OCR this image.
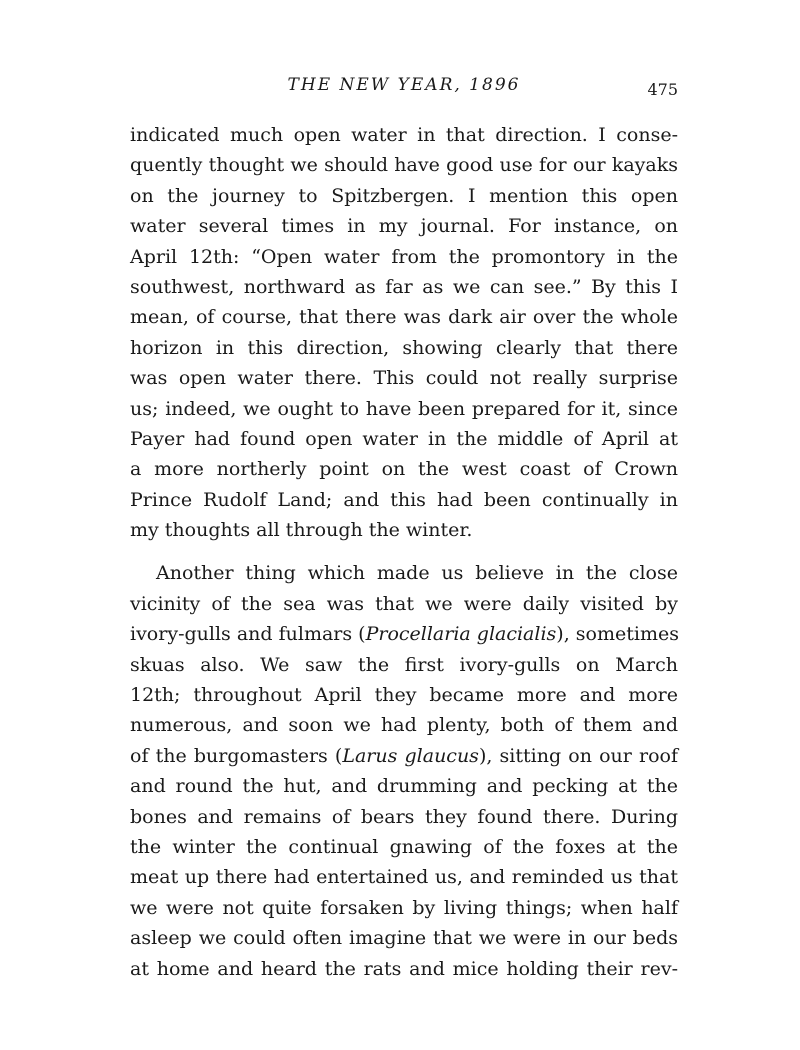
THE NEW YEAR, 1896	475
indicated much open water in that direction. I conse-
quently thought we should have good use for our kayaks
on the journey to Spitzbergen. I mention this open
water several times in my journal. For instance, on
April 12th: “Open water from the promontory in the
southwest, northward as far as we can see.” By this I
mean, of course, that there was dark air over the whole
horizon in this direction, showing clearly that there
was open water there. This could not really surprise
us; indeed, we ought to have been prepared for it, since
Payer had found open water in the middle of April at
a more northerly point on the west coast of Crown
Prince Rudolf Land; and this had been continually in
my thoughts all through the winter.
Another thing which made us believe in the close
vicinity of the sea was that we were daily visited by
ivory-gulls and fulmars (Procellaria glacialis), sometimes
skuas also. We saw the first ivory-gulls on March
12th; throughout April they became more and more
numerous, and soon we had plenty, both of them and
of the burgomasters (Larus glaucus), sitting on our roof
and round the hut, and drumming and pecking at the
bones and remains of bears they found there. During
the winter the continual gnawing of the foxes at the
meat up there had entertained us, and reminded us that
we were not quite forsaken by living things; when half
asleep we could often imagine that we were in our beds
at home and heard the rats and mice holding their rev-
